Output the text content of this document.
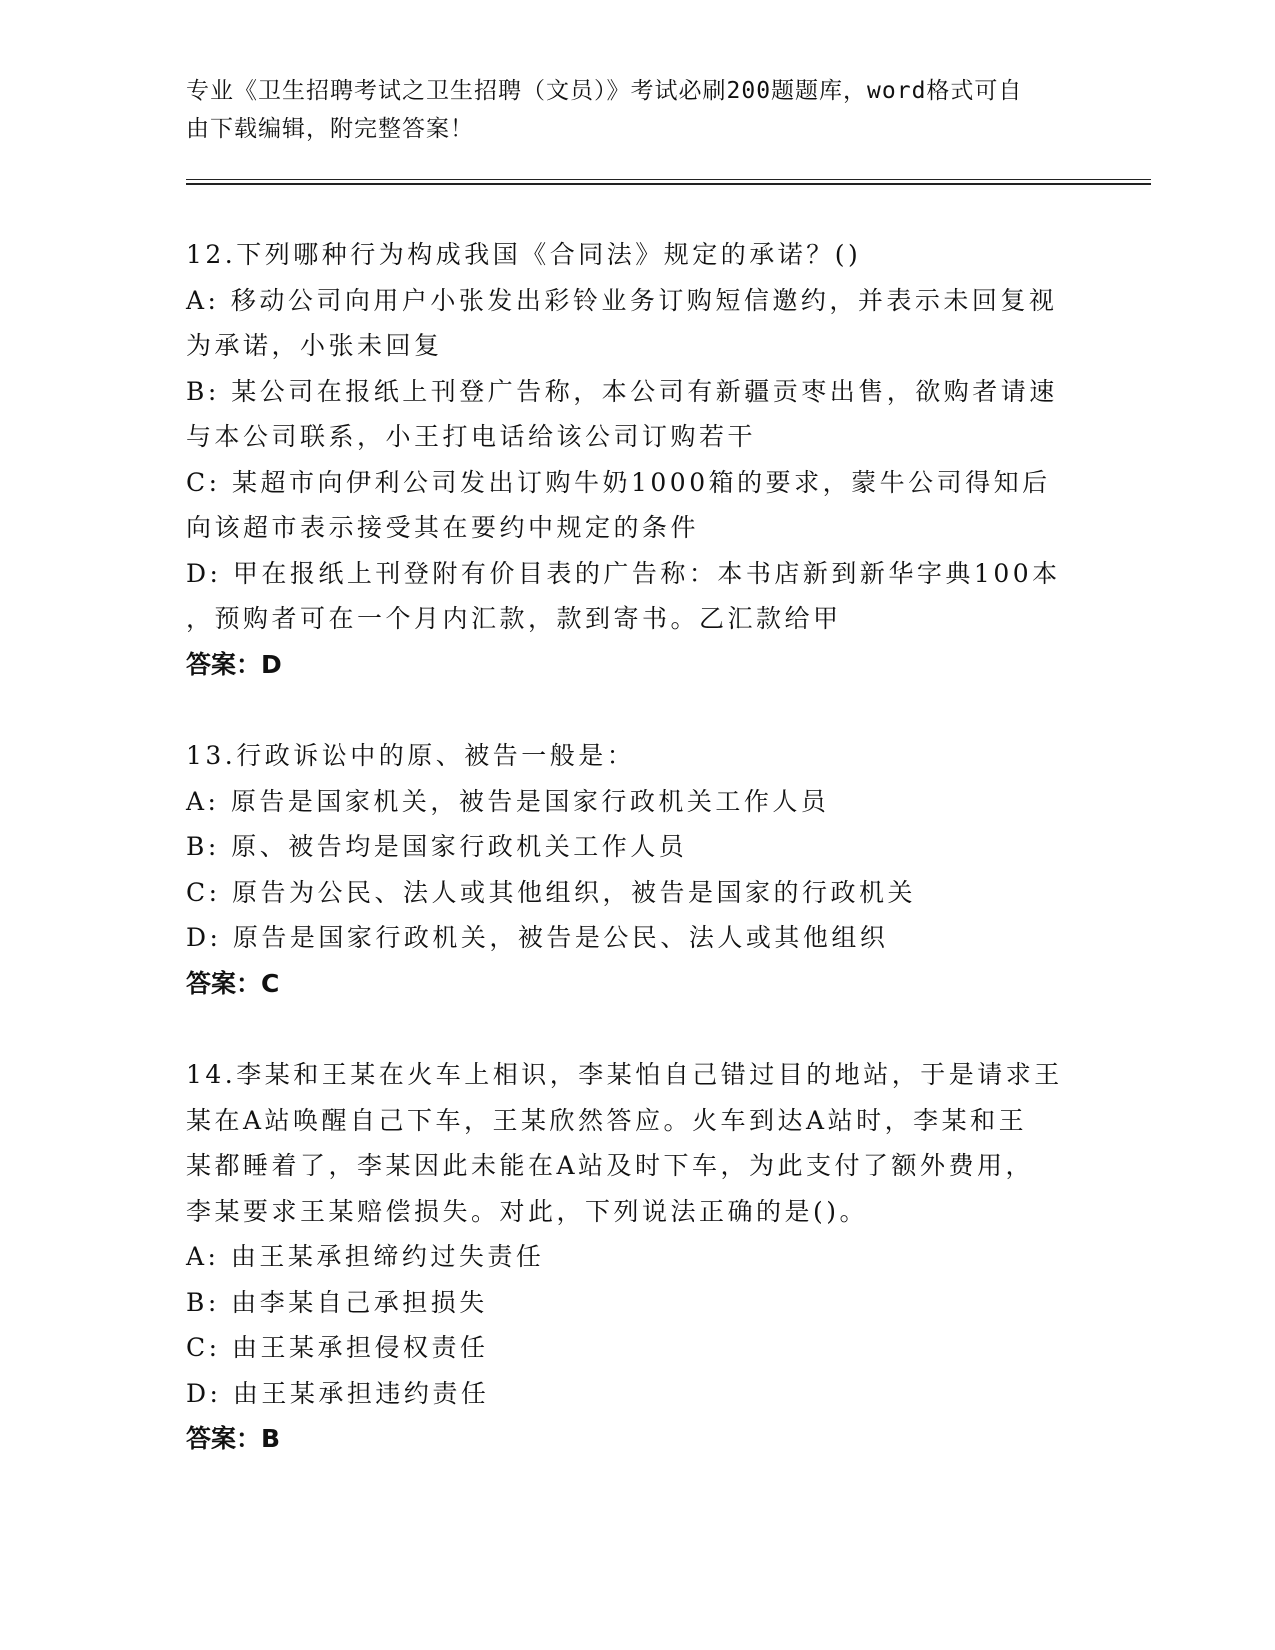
专业《卫生招聘考试之卫生招聘（文员）》考试必刷200题题库，word格式可自
由下载编辑，附完整答案！
12.下列哪种行为构成我国《合同法》规定的承诺？()
A: 移动公司向用户小张发出彩铃业务订购短信邀约，并表示未回复视
为承诺，小张未回复
B: 某公司在报纸上刊登广告称，本公司有新疆贡枣出售，欲购者请速
与本公司联系，小王打电话给该公司订购若干
C: 某超市向伊利公司发出订购牛奶1000箱的要求，蒙牛公司得知后
向该超市表示接受其在要约中规定的条件
D: 甲在报纸上刊登附有价目表的广告称：本书店新到新华字典100本
，预购者可在一个月内汇款，款到寄书。乙汇款给甲
答案：D
13.行政诉讼中的原、被告一般是：
A: 原告是国家机关，被告是国家行政机关工作人员
B: 原、被告均是国家行政机关工作人员
C: 原告为公民、法人或其他组织，被告是国家的行政机关
D: 原告是国家行政机关，被告是公民、法人或其他组织
答案：C
14.李某和王某在火车上相识，李某怕自己错过目的地站，于是请求王
某在A站唤醒自己下车，王某欣然答应。火车到达A站时，李某和王
某都睡着了，李某因此未能在A站及时下车，为此支付了额外费用，
李某要求王某赔偿损失。对此，下列说法正确的是()。
A: 由王某承担缔约过失责任
B: 由李某自己承担损失
C: 由王某承担侵权责任
D: 由王某承担违约责任
答案：B
